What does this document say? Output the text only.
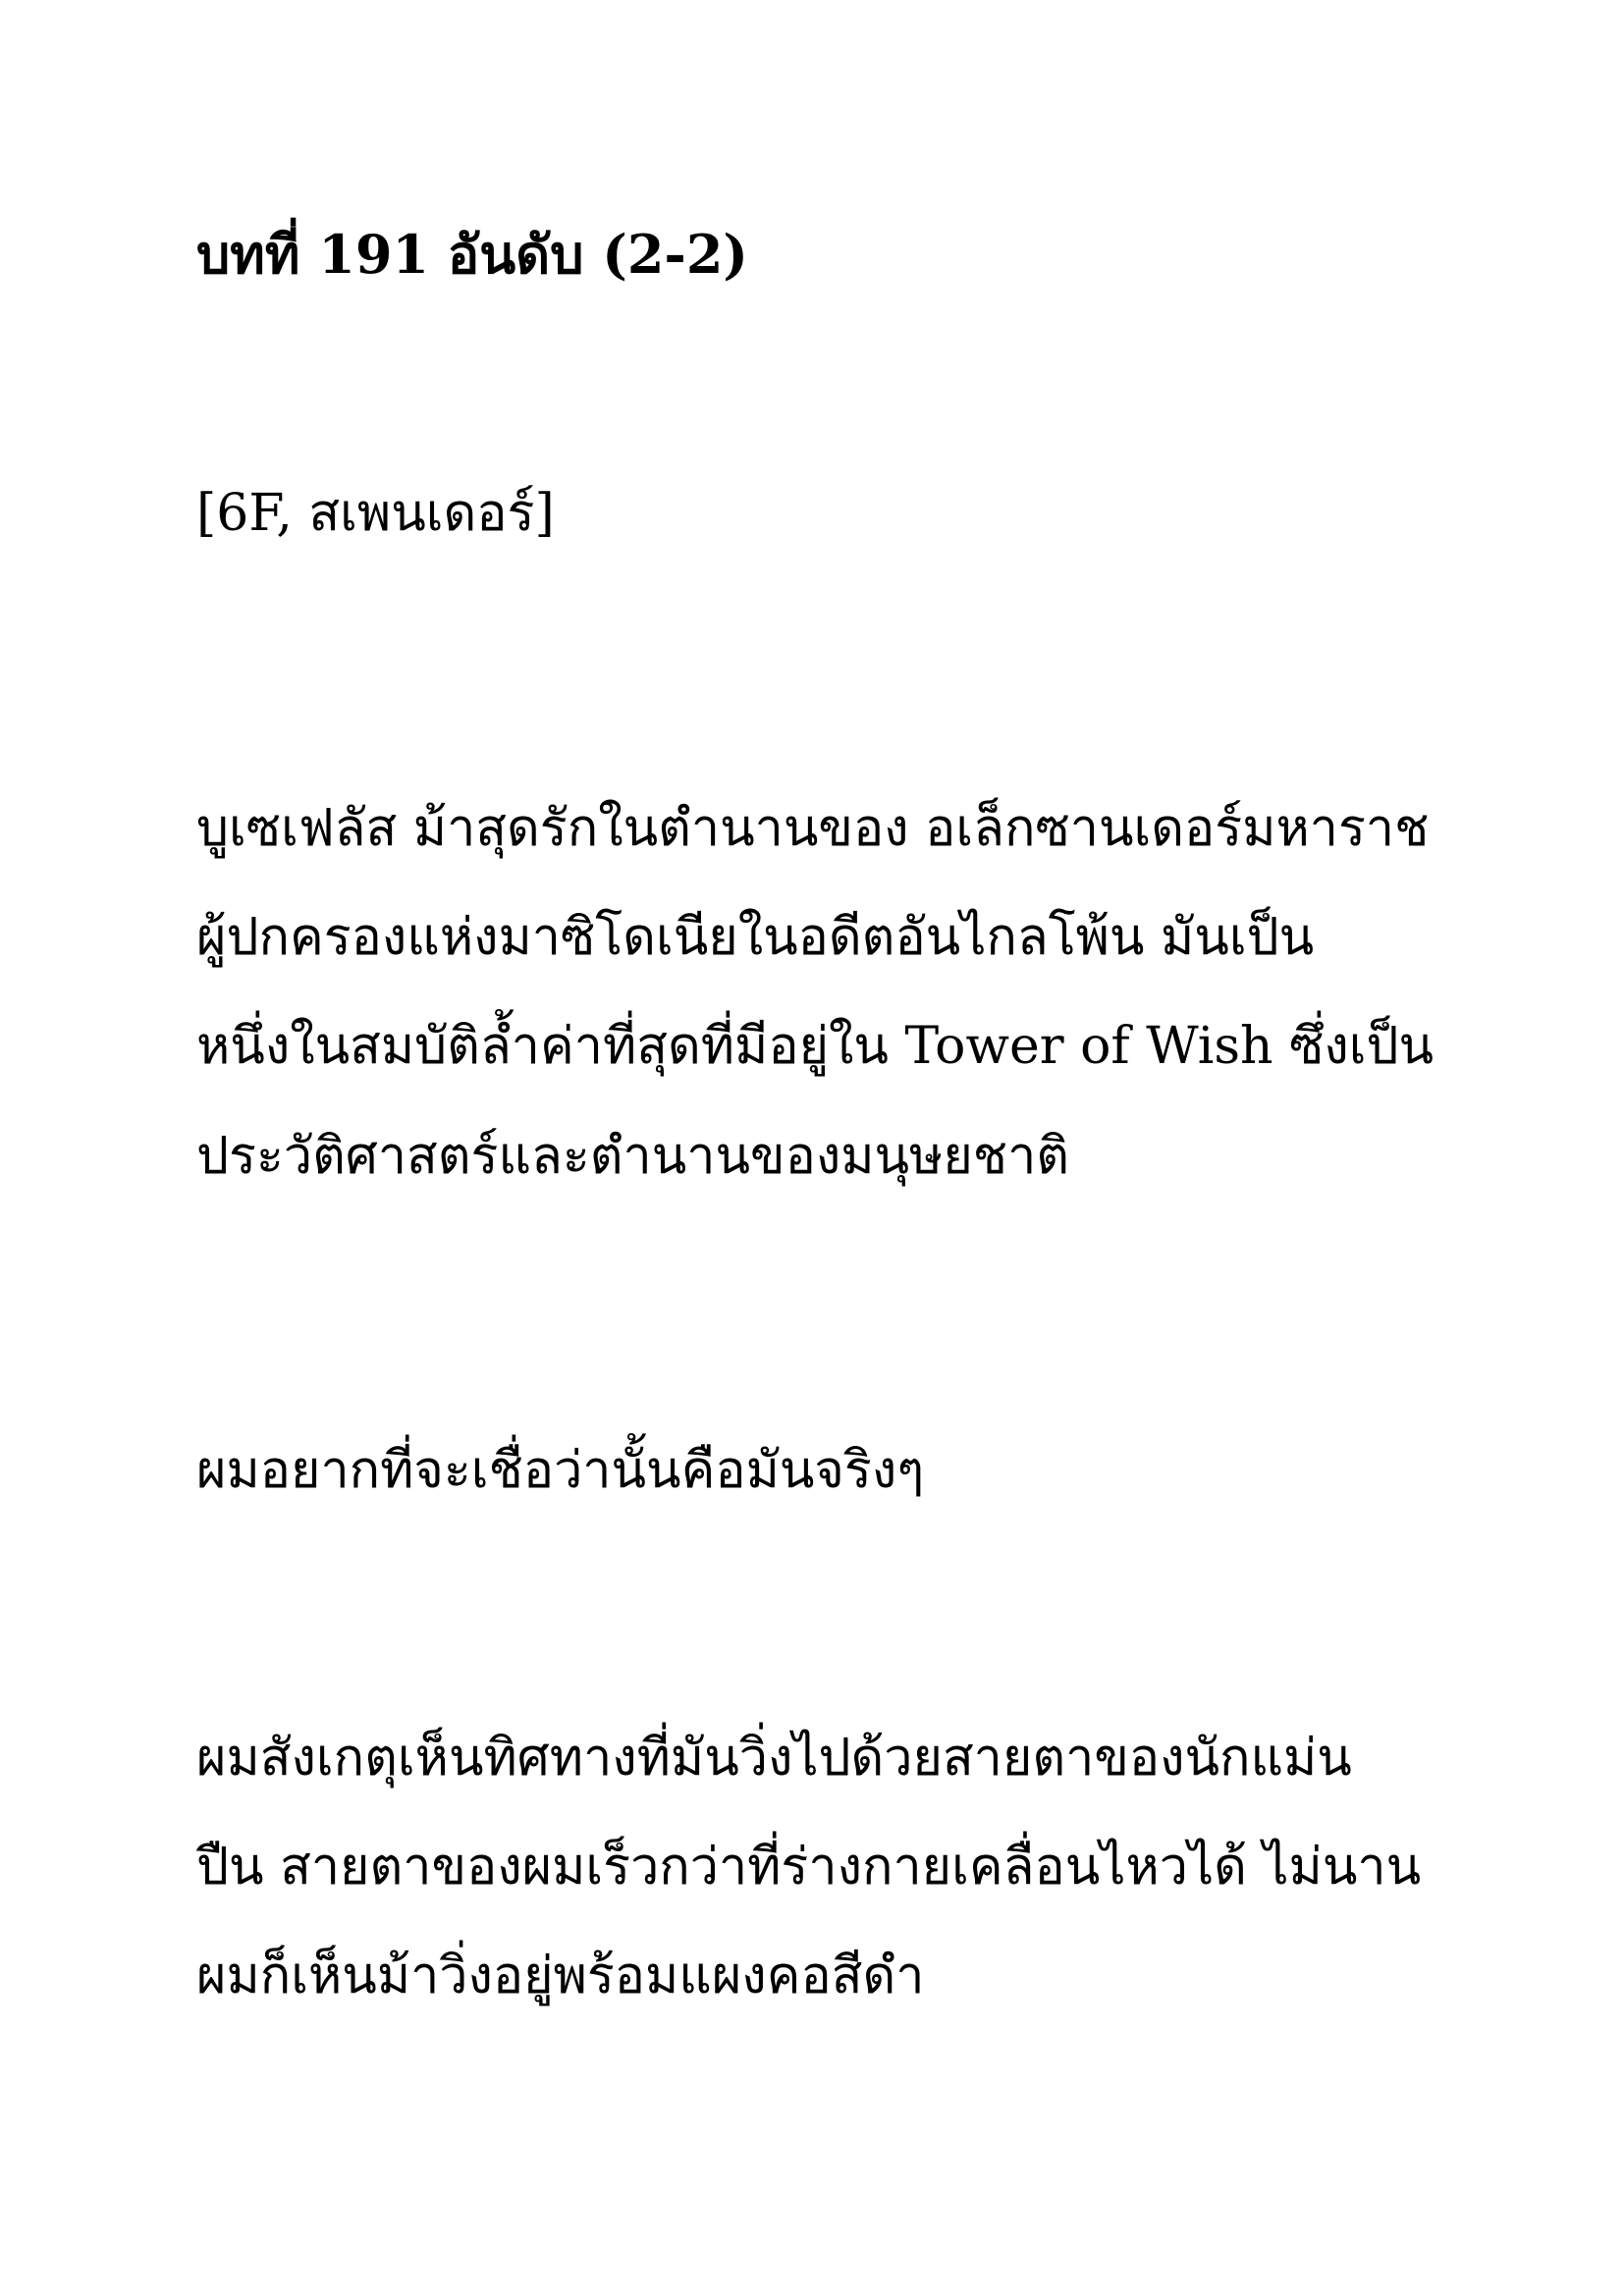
บทที่ 191 อันดับ (2-2)

[6F, สเพนเดอร์]

บูเซเฟลัส ม้าสุดรักในตำนานของ อเล็กซานเดอร์มหาราช

ผู้ปกครองแห่งมาซิโดเนียในอดีตอันไกลโพ้น มันเป็น

หนึ่งในสมบัติล้ำค่าที่สุดที่มีอยู่ใน Tower of Wish ซึ่งเป็น

ประวัติศาสตร์และตำนานของมนุษยชาติ

ผมอยากที่จะเชื่อว่านั้นคือมันจริงๆ

ผมสังเกตุเห็นทิศทางที่มันวิ่งไปด้วยสายตาของนักแม่น

ปืน สายตาของผมเร็วกว่าที่ร่างกายเคลื่อนไหวได้ ไม่นาน

ผมก็เห็นม้าวิ่งอยู่พร้อมแผงคอสีดำ
